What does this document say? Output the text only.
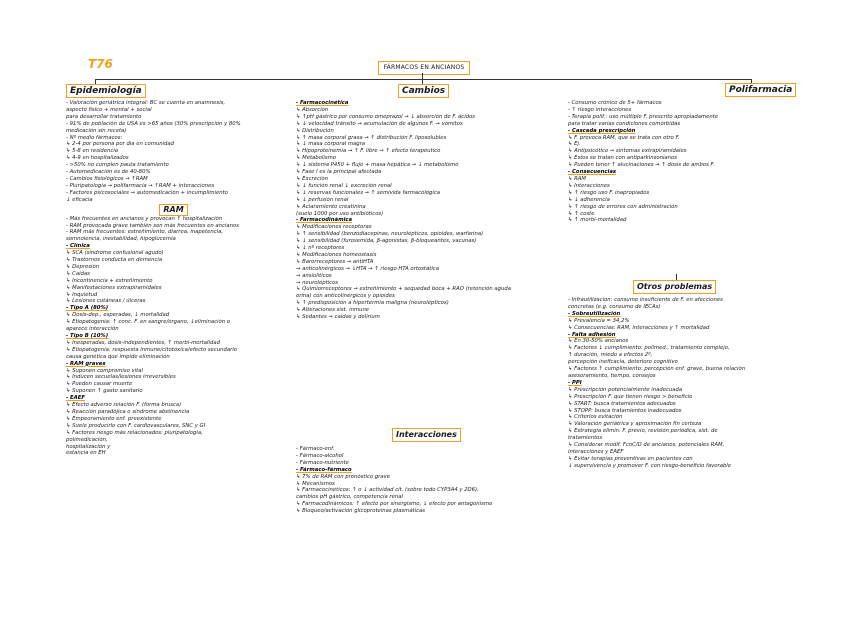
T76	FÁRMACOS EN ANCIANOS
Epidemiología	Cambios	Polifarmacia
- Valoración geriátrica integral: BC se cuenta en anamnesis,
aspecto físico + mental + social
para desarrollar tratamiento
- 91% de población de USA es >65 años (30% prescripción y 80%
medicación sin receta)
- Nº medio fármacos:
↳ 2-4 por persona por día en comunidad
↳ 5-8 en residencia
↳ 4-9 en hospitalizados
- >50% no cumplen pauta tratamiento
- Automedicación es de 40-80%
- Cambios fisiológicos → ↑RAM
- Pluripatología → polifarmacia → ↑RAM + interacciones
- Factores psicosociales → automedicación + incumplimiento
↓ eficacia
RAM
- Más frecuentes en ancianos y provocan ↑ hospitalización
- RAM provocada grave también son más frecuentes en ancianos
- RAM más frecuentes: estreñimiento, diarrea, inapetencia,
somnolencia, inestabilidad, hipoglucemia
- Clínica
↳ SCA (síndrome confusional agudo)
↳ Trastornos conducta en demencia
↳ Depresión
↳ Caídas
↳ Incontinencia + estreñimiento
↳ Manifestaciones extrapiramidales
↳ Inquietud
↳ Lesiones cutáneas / úlceras
- Tipo A (80%)
↳ Dosis-dep., esperadas, ↓ mortalidad
↳ Etiopatogenia: ↑ conc. F. en sangre/órgano, ↓eliminación o
aparece interacción
- Tipo B (10%)
↳ Inesperadas, dosis-independientes, ↑ morbi-mortalidad
↳ Etiopatogenia: respuesta inmune/citotóxica/efecto secundario
causa genética que impide eliminación
- RAM graves
↳ Suponen compromiso vital
↳ Inducen secuelas/lesiones irreversibles
↳ Pueden causar muerte
↳ Suponen ↑ gasto sanitario
- EAEF
↳ Efecto adverso relación F. (forma brusca)
↳ Reacción paradójica o síndrome abstinencia
↳ Empeoramiento enf. preexistente
↳ Suele producirlo con F. cardiovasculares, SNC y GI
↳ Factores riesgo más relacionados: pluripatología,
polimedicación,
hospitalización y
estancia en EH
- Farmacocinética
↳ Absorción
↳ ↑pH gástrico por consumo omeprazol → ↓ absorción de F. ácidos
↳ ↓ velocidad tránsito → acumulación de algunos F. → vómitos
↳ Distribución
↳ ↑ masa corporal grasa → ↑ distribución F. liposolubles
↳ ↓ masa corporal magra
↳ Hipoproteinemia → ↑ F. libre → ↑ efecto terapéutico
↳ Metabolismo
↳ ↓ sistema P450 + flujo + masa hepática → ↓ metabolismo
↳ Fase I es la principal afectada
↳ Excreción
↳ ↓ función renal ↓ excreción renal
↳ ↓ reservas funcionales → ↑ semivida farmacológica
↳ ↓ perfusión renal
↳ Aclaramiento creatinina
(suelo 1000 por uso antibióticos)
- Farmacodinámica
↳ Modificaciones receptoras
↳ ↑ sensibilidad (benzodiacepinas, neurolépticos, opioides, warfarina)
↳ ↓ sensibilidad (furosemida, β-agonistas, β-bloqueantes, vacunas)
↳ ↓ nº receptores
↳ Modificaciones homeostasis
↳ Barorreceptores → antiHTA
→ anticolinérgicos → ↓HTA → ↑ riesgo HTA ortostática
→ ansiolíticos
→ neurolépticos
↳ Quimiorreceptores → estreñimiento + sequedad boca + RAO (retención aguda
orina) con anticolinérgicos y opioides
↳ ↑ predisposición a hipertermia maligna (neurolépticos)
↳ Alteraciones sist. inmune
↳ Sedantes → caídas y delirium
Interacciones
- Fármaco-enf.
- Fármaco-alcohol
- Fármaco-nutriente
- Fármaco-fármaco
↳ 7% de RAM con pronóstico grave
↳ Mecanismos
↳ Farmacocinéticos: ↑ o ↓ actividad cit. (sobre todo CYP3A4 y 2D6),
cambios pH gástrico, competencia renal
↳ Farmacodinámicos: ↑ efecto por sinergismo, ↓ efecto por antagonismo
↳ Bloqueo/activación glicoproteínas plasmáticas
- Consumo crónico de 5+ fármacos
- ↑ riesgo interacciones
- Terapia polif.: uso múltiple F. prescrito apropiadamente
para tratar varias condiciones comórbidas
- Cascada prescripción
↳ F. provoca RAM, que se trata con otro F.
↳ Ej.
↳ Antipsicótico → síntomas extrapiramidales
↳ Estos se tratan con antiparkinsonianos
↳ Pueden tener ↑ alucinaciones → ↑ dosis de ambos F.
- Consecuencias
↳ RAM
↳ Interacciones
↳ ↑ riesgo uso F. inapropiados
↳ ↓ adherencia
↳ ↑ riesgo de errores con administración
↳ ↑ coste
↳ ↑ morbi-mortalidad
Otros problemas
- Infrautilización: consumo insuficiente de F. en afecciones
concretas (e.g. consumo de IECAs)
- Sobreutilización
↳ Prevalencia = 34,2%
↳ Consecuencias: RAM, interacciones y ↑ mortalidad
- Falta adhesión
↳ En 30-50% ancianos
↳ Factores ↓ cumplimiento: polimed., tratamiento complejo,
↑ duración, miedo a efectos 2º,
percepción ineficacia, deterioro cognitivo
↳ Factores ↑ cumplimiento: percepción enf. grave, buena relación
asesoramiento, tiempo, consejos
- PPI
↳ Prescripción potencialmente inadecuada
↳ Prescripción F. que tienen riesgo > beneficio
↳ START: busca tratamientos adecuados
↳ STOPP: busca tratamientos inadecuados
↳ Criterios evitación
↳ Valoración geriátrica y aproximación fin certeza
↳ Estrategia elimin. F. previo, revisión periódica, sist. de
tratamientos
↳ Considerar modif. FcoC/D de ancianos, potenciales RAM,
interacciones y EAEF
↳ Evitar terapias preventivas en pacientes con
↓ supervivencia y promover F. con riesgo-beneficio favorable
